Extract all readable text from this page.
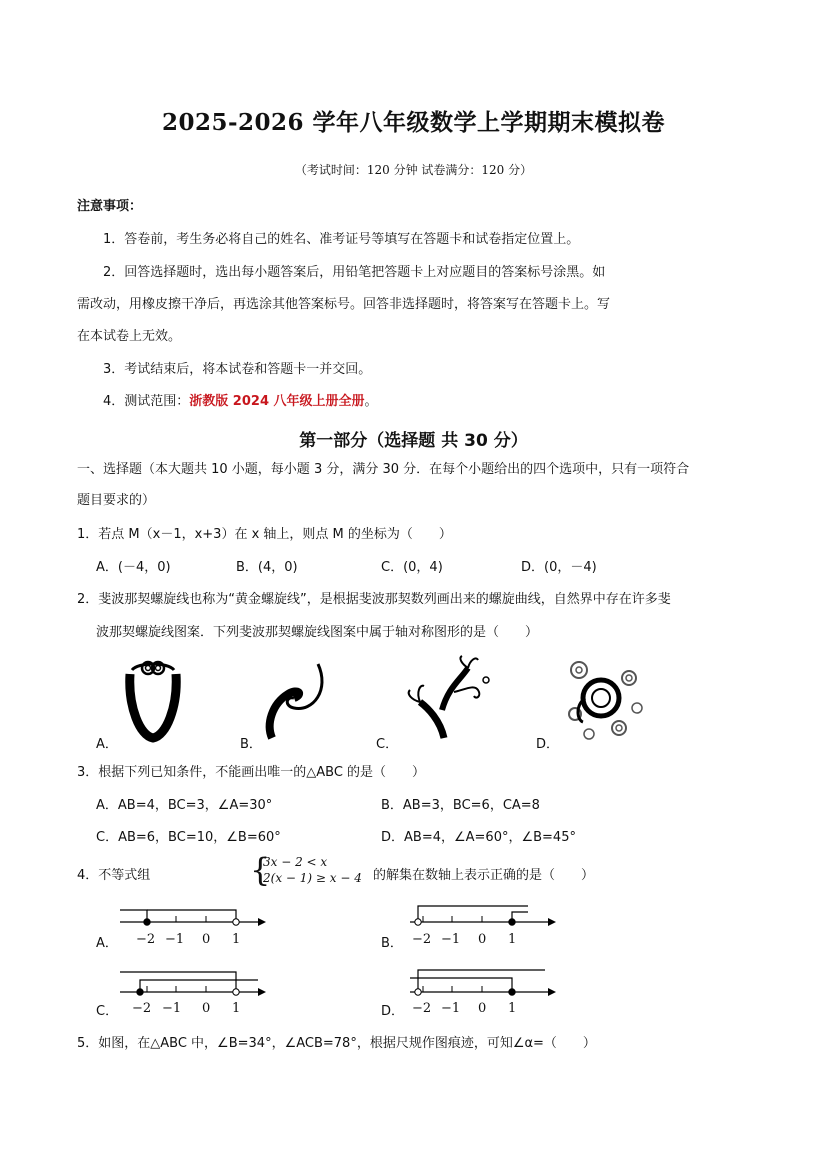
2025-2026 学年八年级数学上学期期末模拟卷
（考试时间：120 分钟 试卷满分：120 分）
注意事项：
1．答卷前，考生务必将自己的姓名、准考证号等填写在答题卡和试卷指定位置上。
2．回答选择题时，选出每小题答案后，用铅笔把答题卡上对应题目的答案标号涂黑。如
需改动，用橡皮擦干净后，再选涂其他答案标号。回答非选择题时，将答案写在答题卡上。写
在本试卷上无效。
3．考试结束后，将本试卷和答题卡一并交回。
4．测试范围：浙教版 2024 八年级上册全册。
第一部分（选择题 共 30 分）
一、选择题（本大题共 10 小题，每小题 3 分，满分 30 分．在每个小题给出的四个选项中，只有一项符合
题目要求的）
1．若点 M（x－1，x+3）在 x 轴上，则点 M 的坐标为（　　）
A．(－4，0)	B．(4，0)	C．(0，4)	D．(0，－4)
2．斐波那契螺旋线也称为“黄金螺旋线”，是根据斐波那契数列画出来的螺旋曲线，自然界中存在许多斐
波那契螺旋线图案．下列斐波那契螺旋线图案中属于轴对称图形的是（　　）
A．	B．	C．	D．
3．根据下列已知条件，不能画出唯一的△ABC 的是（　　）
A．AB=4，BC=3，∠A=30°	B．AB=3，BC=6，CA=8
C．AB=6，BC=10，∠B=60°	D．AB=4，∠A=60°，∠B=45°
4．不等式组	{
3x − 2 < x
2(x − 1) ≥ x − 4 的解集在数轴上表示正确的是（　　）
−2 −1 0 1
A．	−2 −1 0 1
B．
−2 −1 0 1
C．	−2 −1 0 1
D．
5．如图，在△ABC 中，∠B=34°，∠ACB=78°，根据尺规作图痕迹，可知∠α=（　　）
